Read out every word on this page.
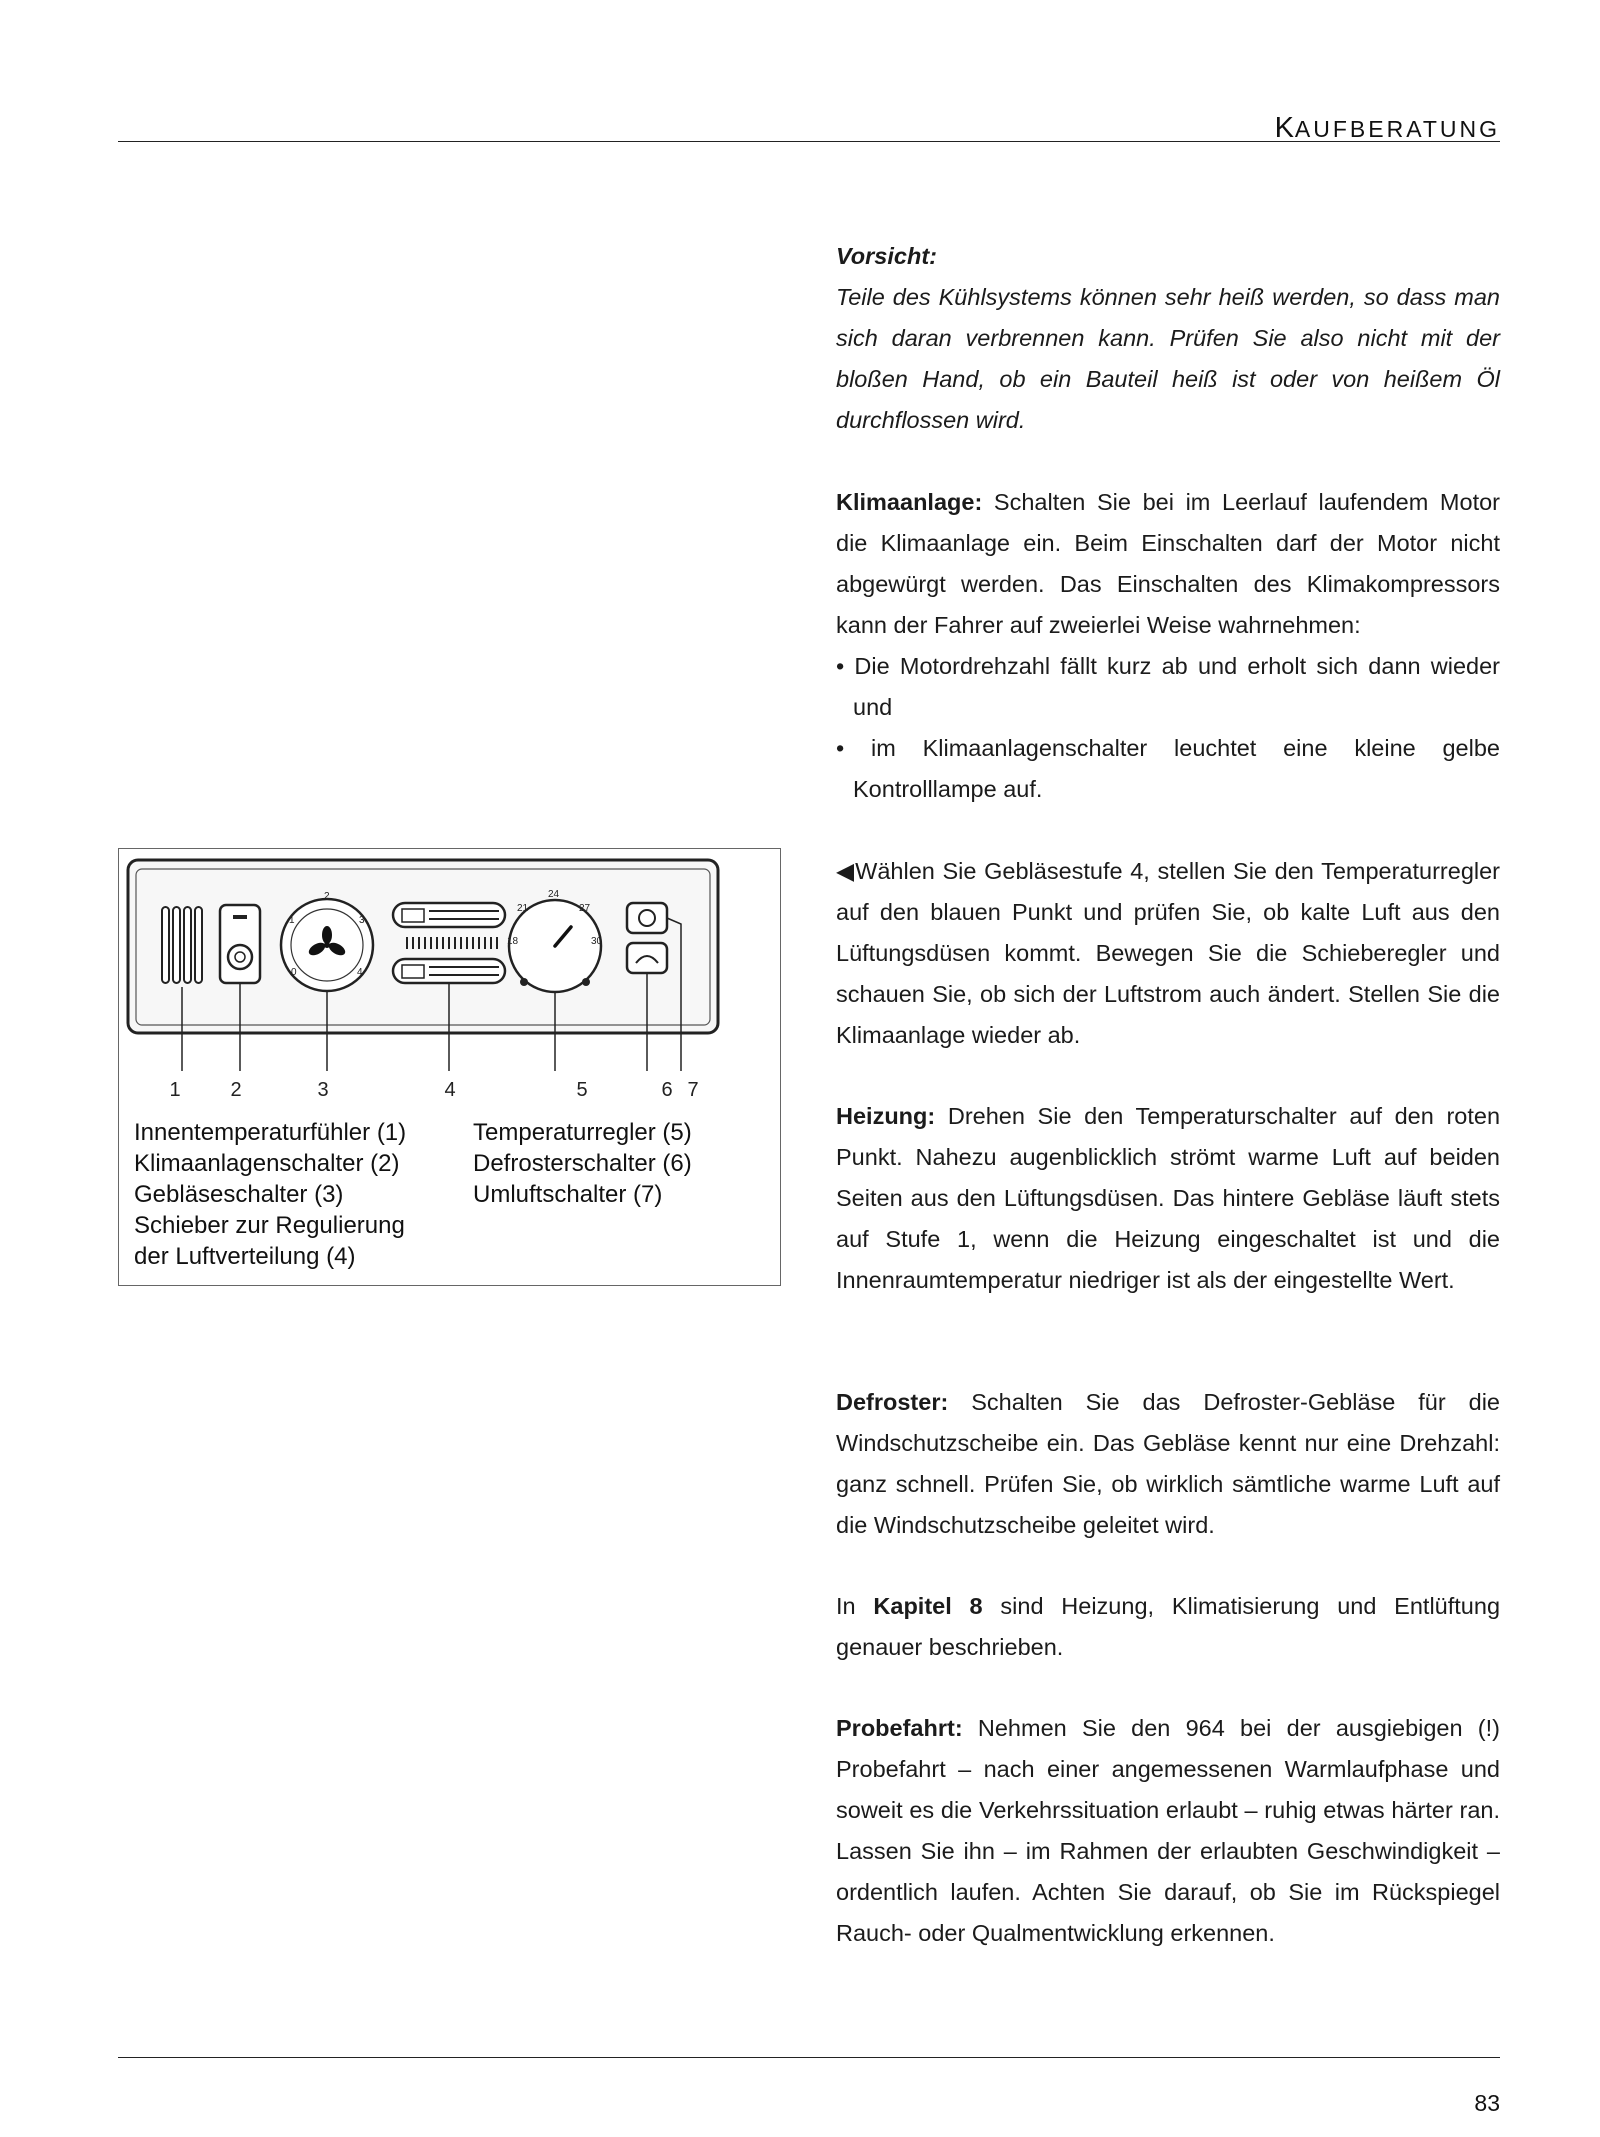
KAUFBERATUNG

Vorsicht:

Teile des Kühlsystems können sehr heiß werden, so dass man sich daran verbrennen kann. Prüfen Sie also nicht mit der bloßen Hand, ob ein Bauteil heiß ist oder von heißem Öl durchflossen wird.

Klimaanlage: Schalten Sie bei im Leerlauf laufendem Motor die Klimaanlage ein. Beim Einschalten darf der Motor nicht abgewürgt werden. Das Einschalten des Klimakompressors kann der Fahrer auf zweierlei Weise wahrnehmen:

• Die Motordrehzahl fällt kurz ab und erholt sich dann wieder und

• im Klimaanlagenschalter leuchtet eine kleine gelbe Kontrolllampe auf.

◀Wählen Sie Gebläsestufe 4, stellen Sie den Temperaturregler auf den blauen Punkt und prüfen Sie, ob kalte Luft aus den Lüftungsdüsen kommt. Bewegen Sie die Schieberegler und schauen Sie, ob sich der Luftstrom auch ändert. Stellen Sie die Klimaanlage wieder ab.

Heizung: Drehen Sie den Temperaturschalter auf den roten Punkt. Nahezu augenblicklich strömt warme Luft auf beiden Seiten aus den Lüftungsdüsen. Das hintere Gebläse läuft stets auf Stufe 1, wenn die Heizung eingeschaltet ist und die Innenraumtemperatur niedriger ist als der eingestellte Wert.

Defroster: Schalten Sie das Defroster-Gebläse für die Windschutzscheibe ein. Das Gebläse kennt nur eine Drehzahl: ganz schnell. Prüfen Sie, ob wirklich sämtliche warme Luft auf die Windschutzscheibe geleitet wird.

In Kapitel 8 sind Heizung, Klimatisierung und Entlüftung genauer beschrieben.

Probefahrt: Nehmen Sie den 964 bei der ausgiebigen (!) Probefahrt – nach einer angemessenen Warmlaufphase und soweit es die Verkehrssituation erlaubt – ruhig etwas härter ran. Lassen Sie ihn – im Rahmen der erlaubten Geschwindigkeit – ordentlich laufen. Achten Sie darauf, ob Sie im Rückspiegel Rauch- oder Qualmentwicklung erkennen.

2
1	3
0	4
24
21	27
18	30
1 2	3	4	5	6 7
Innentemperaturfühler (1)
Klimaanlagenschalter (2)
Gebläseschalter (3)
Schieber zur Regulierung
der Luftverteilung (4)
Temperaturregler (5)
Defrosterschalter (6)
Umluftschalter (7)
83
